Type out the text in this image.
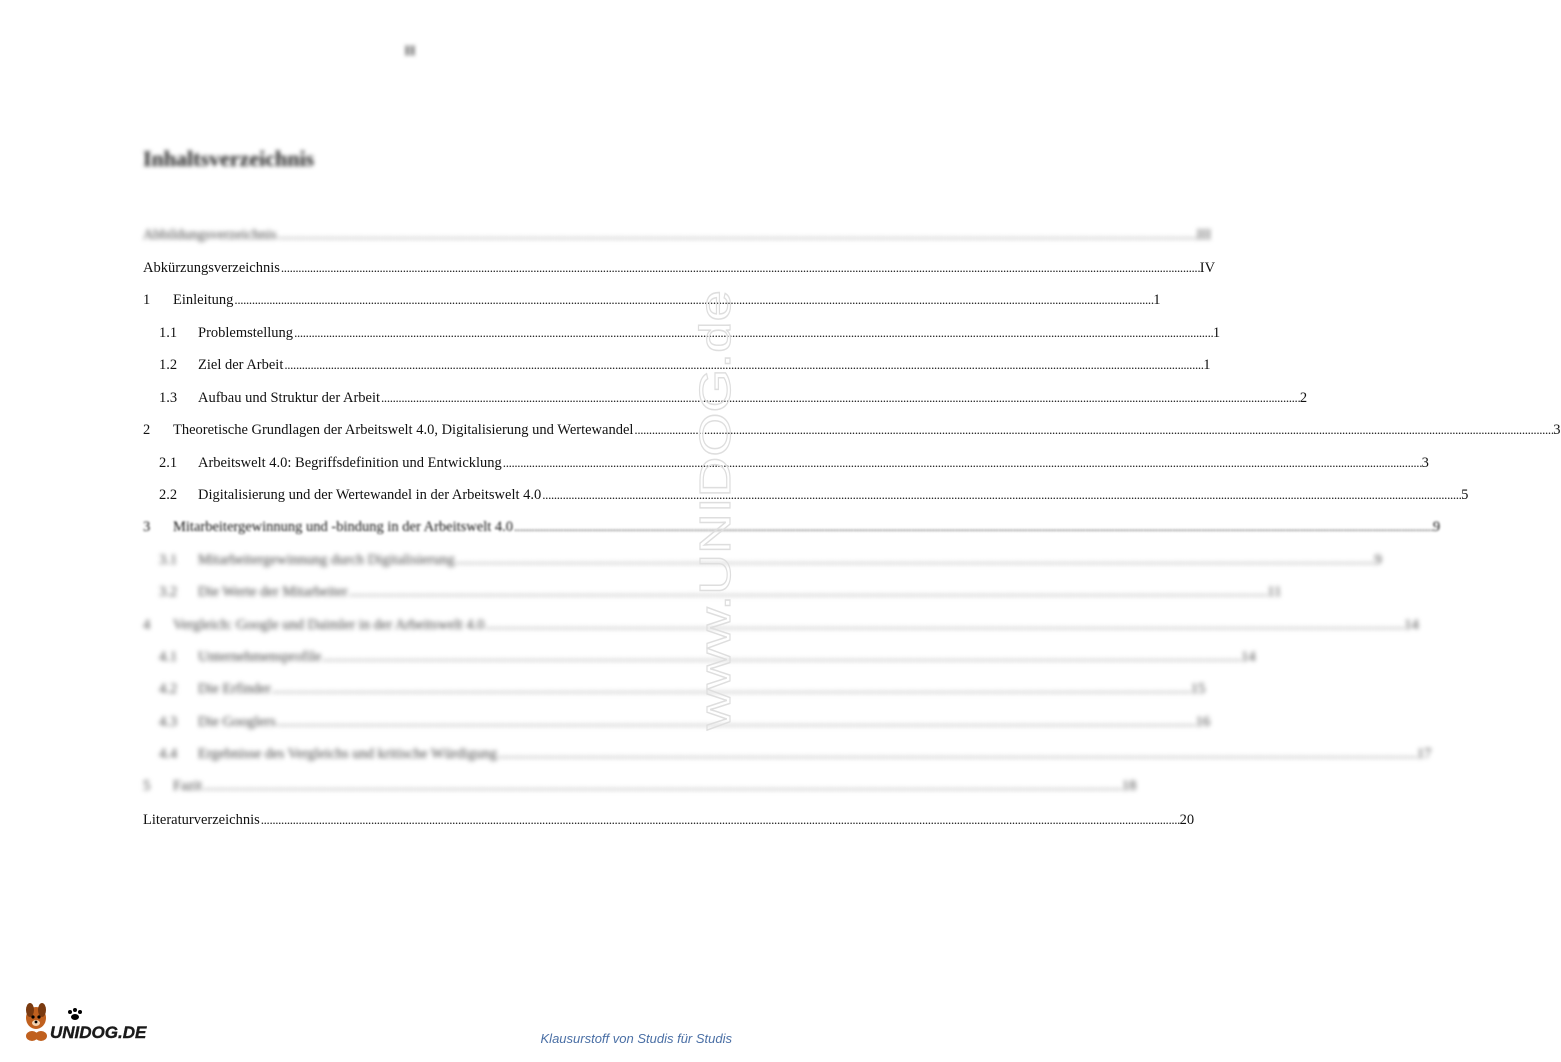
II
Inhaltsverzeichnis
Abbildungsverzeichnis . . .	III
Abkürzungsverzeichnis . . .	IV
1	Einleitung . . .	1
1.1	Problemstellung . . .	1
1.2	Ziel der Arbeit . . .	1
1.3	Aufbau und Struktur der Arbeit . . .	2
2	Theoretische Grundlagen der Arbeitswelt 4.0, Digitalisierung und Wertewandel . . .	3
2.1	Arbeitswelt 4.0: Begriffsdefinition und Entwicklung . . .	3
2.2	Digitalisierung und der Wertewandel in der Arbeitswelt 4.0 . . .	5
3	Mitarbeitergewinnung und -bindung in der Arbeitswelt 4.0 . . .	9
3.1	Mitarbeitergewinnung durch Digitalisierung . . .	9
3.2	Die Werte der Mitarbeiter . . .	11
4	Vergleich: Google und Daimler in der Arbeitswelt 4.0 . . .	14
4.1	Unternehmensprofile . . .	14
4.2	Die Erfinder . . .	15
4.3	Die Googlers . . .	16
4.4	Ergebnisse des Vergleichs und kritische Würdigung . . .	17
5	Fazit . . .	18
Literaturverzeichnis . . .	20
www.UNIDOG.de
UNIDOG.DE	Klausurstoff von Studis für Studis
